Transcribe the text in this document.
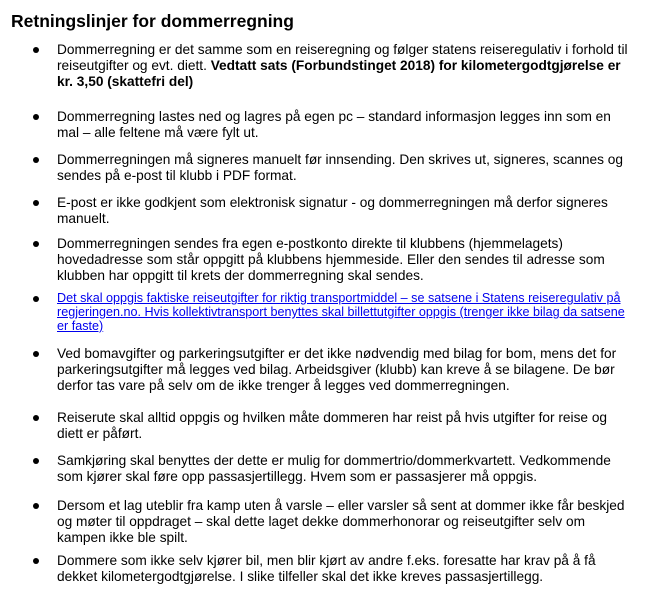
Retningslinjer for dommerregning

Dommerregning er det samme som en reiseregning og følger statens reiseregulativ i forhold til reiseutgifter og evt. diett. Vedtatt sats (Forbundstinget 2018) for kilometergodtgjørelse er kr. 3,50 (skattefri del)

Dommerregning lastes ned og lagres på egen pc – standard informasjon legges inn som en mal – alle feltene må være fylt ut.

Dommerregningen må signeres manuelt før innsending. Den skrives ut, signeres, scannes og sendes på e-post til klubb i PDF format.

E-post er ikke godkjent som elektronisk signatur - og dommerregningen må derfor signeres manuelt.

Dommerregningen sendes fra egen e-postkonto direkte til klubbens (hjemmelagets) hovedadresse som står oppgitt på klubbens hjemmeside. Eller den sendes til adresse som klubben har oppgitt til krets der dommerregning skal sendes.

Det skal oppgis faktiske reiseutgifter for riktig transportmiddel – se satsene i Statens reiseregulativ på regjeringen.no. Hvis kollektivtransport benyttes skal billettutgifter oppgis (trenger ikke bilag da satsene er faste)

Ved bomavgifter og parkeringsutgifter er det ikke nødvendig med bilag for bom, mens det for parkeringsutgifter må legges ved bilag. Arbeidsgiver (klubb) kan kreve å se bilagene. De bør derfor tas vare på selv om de ikke trenger å legges ved dommerregningen.

Reiserute skal alltid oppgis og hvilken måte dommeren har reist på hvis utgifter for reise og diett er påført.

Samkjøring skal benyttes der dette er mulig for dommertrio/dommerkvartett. Vedkommende som kjører skal føre opp passasjertillegg. Hvem som er passasjerer må oppgis.

Dersom et lag uteblir fra kamp uten å varsle – eller varsler så sent at dommer ikke får beskjed og møter til oppdraget – skal dette laget dekke dommerhonorar og reiseutgifter selv om kampen ikke ble spilt.

Dommere som ikke selv kjører bil, men blir kjørt av andre f.eks. foresatte har krav på å få dekket kilometergodtgjørelse. I slike tilfeller skal det ikke kreves passasjertillegg.
